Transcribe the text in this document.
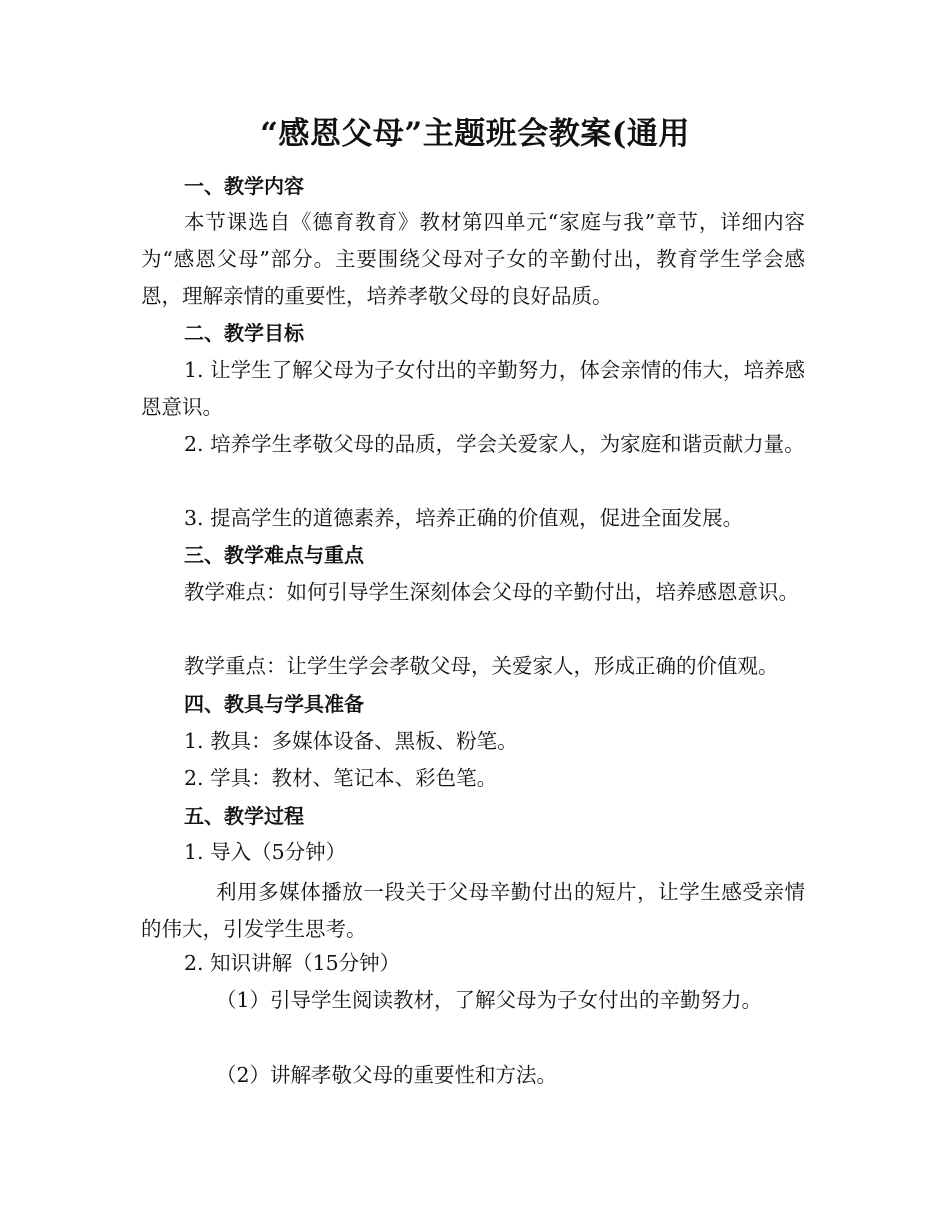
“感恩父母”主题班会教案(通用
一、教学内容
本节课选自《德育教育》教材第四单元“家庭与我”章节，详细内容为“感恩父母”部分。主要围绕父母对子女的辛勤付出，教育学生学会感恩，理解亲情的重要性，培养孝敬父母的良好品质。
二、教学目标
1. 让学生了解父母为子女付出的辛勤努力，体会亲情的伟大，培养感恩意识。
2. 培养学生孝敬父母的品质，学会关爱家人，为家庭和谐贡献力量。
3. 提高学生的道德素养，培养正确的价值观，促进全面发展。
三、教学难点与重点
教学难点：如何引导学生深刻体会父母的辛勤付出，培养感恩意识。
教学重点：让学生学会孝敬父母，关爱家人，形成正确的价值观。
四、教具与学具准备
1. 教具：多媒体设备、黑板、粉笔。
2. 学具：教材、笔记本、彩色笔。
五、教学过程
1. 导入（5分钟）
利用多媒体播放一段关于父母辛勤付出的短片，让学生感受亲情的伟大，引发学生思考。
2. 知识讲解（15分钟）
（1）引导学生阅读教材，了解父母为子女付出的辛勤努力。
（2）讲解孝敬父母的重要性和方法。
